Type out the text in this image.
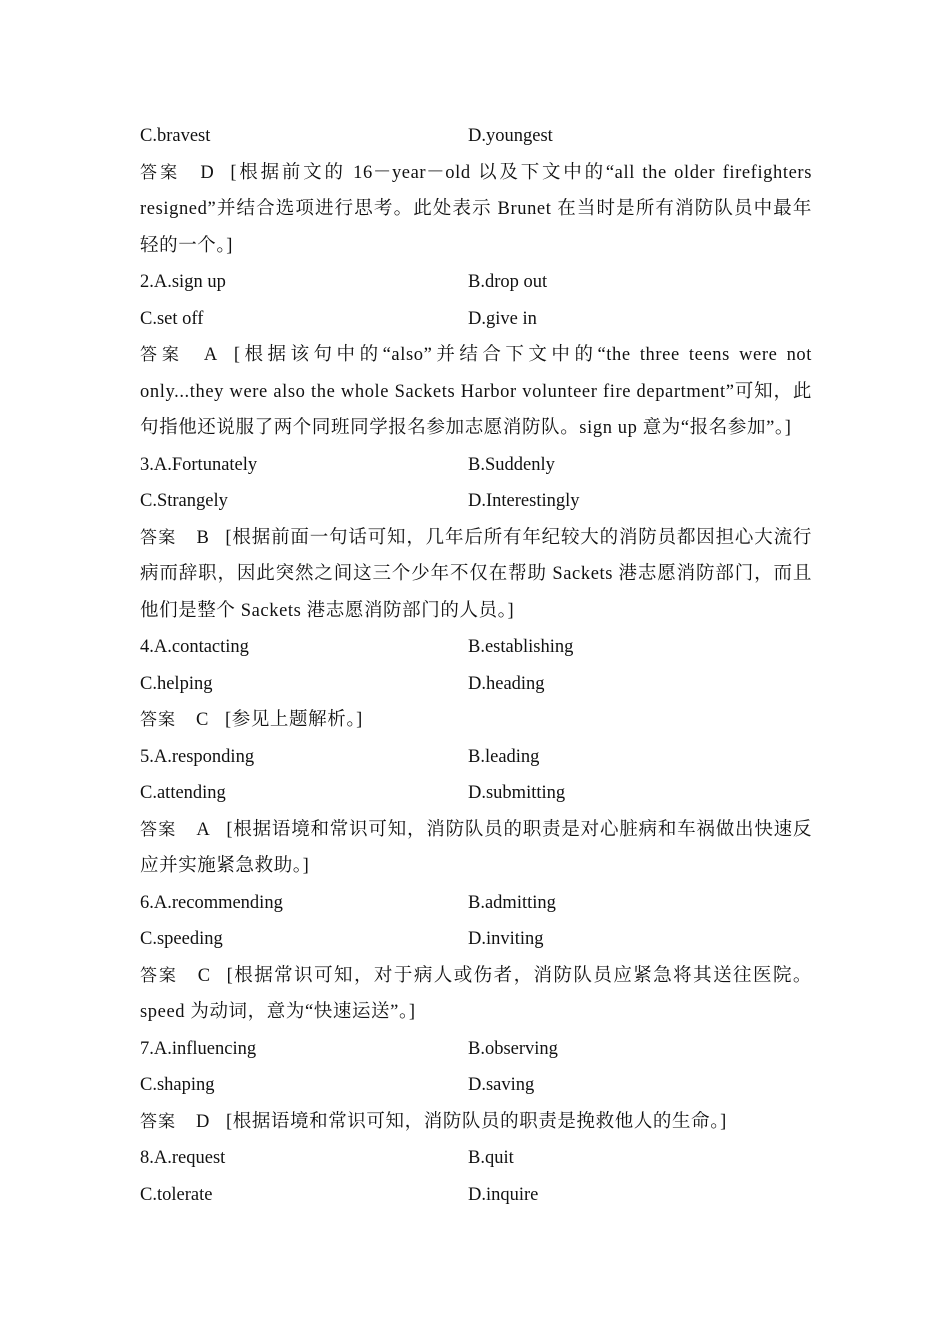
C.bravest	D.youngest
答案 D [根据前文的 16－year－old 以及下文中的“all the older firefighters resigned”并结合选项进行思考。此处表示 Brunet 在当时是所有消防队员中最年轻的一个。]
2.A.sign up	B.drop out
C.set off	D.give in
答案 A [根据该句中的“also”并结合下文中的“the three teens were not only...they were also the whole Sackets Harbor volunteer fire department”可知，此句指他还说服了两个同班同学报名参加志愿消防队。sign up 意为“报名参加”。]
3.A.Fortunately	B.Suddenly
C.Strangely	D.Interestingly
答案 B [根据前面一句话可知，几年后所有年纪较大的消防员都因担心大流行病而辞职，因此突然之间这三个少年不仅在帮助 Sackets 港志愿消防部门，而且他们是整个 Sackets 港志愿消防部门的人员。]
4.A.contacting	B.establishing
C.helping	D.heading
答案 C [参见上题解析。]
5.A.responding	B.leading
C.attending	D.submitting
答案 A [根据语境和常识可知，消防队员的职责是对心脏病和车祸做出快速反应并实施紧急救助。]
6.A.recommending	B.admitting
C.speeding	D.inviting
答案 C [根据常识可知，对于病人或伤者，消防队员应紧急将其送往医院。speed 为动词，意为“快速运送”。]
7.A.influencing	B.observing
C.shaping	D.saving
答案 D [根据语境和常识可知，消防队员的职责是挽救他人的生命。]
8.A.request	B.quit
C.tolerate	D.inquire
